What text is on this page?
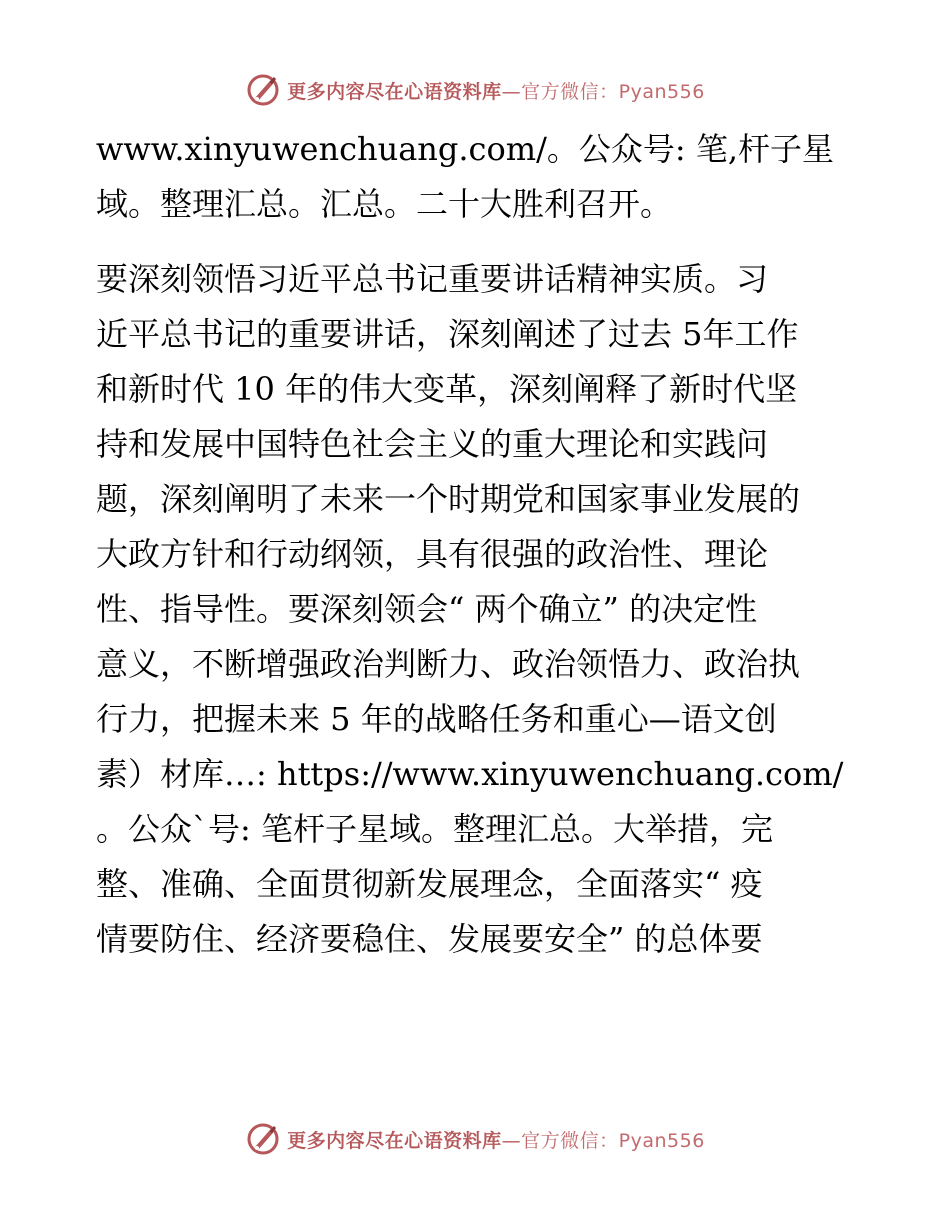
更多内容尽在心语资料库—官方微信：Pyan556
www.xinyuwenchuang.com/。公众号: 笔,杆子星
域。整理汇总。汇总。二十大胜利召开。
要深刻领悟习近平总书记重要讲话精神实质。习
近平总书记的重要讲话，深刻阐述了过去 5年工作
和新时代 10 年的伟大变革，深刻阐释了新时代坚
持和发展中国特色社会主义的重大理论和实践问
题，深刻阐明了未来一个时期党和国家事业发展的
大政方针和行动纲领，具有很强的政治性、理论
性、指导性。要深刻领会“ 两个确立” 的决定性
意义，不断增强政治判断力、政治领悟力、政治执
行力，把握未来 5 年的战略任务和重心—语文创
素）材库…: https://www.xinyuwenchuang.com/
。公众`号: 笔杆子星域。整理汇总。大举措，完
整、准确、全面贯彻新发展理念，全面落实“ 疫
情要防住、经济要稳住、发展要安全” 的总体要
更多内容尽在心语资料库—官方微信：Pyan556
